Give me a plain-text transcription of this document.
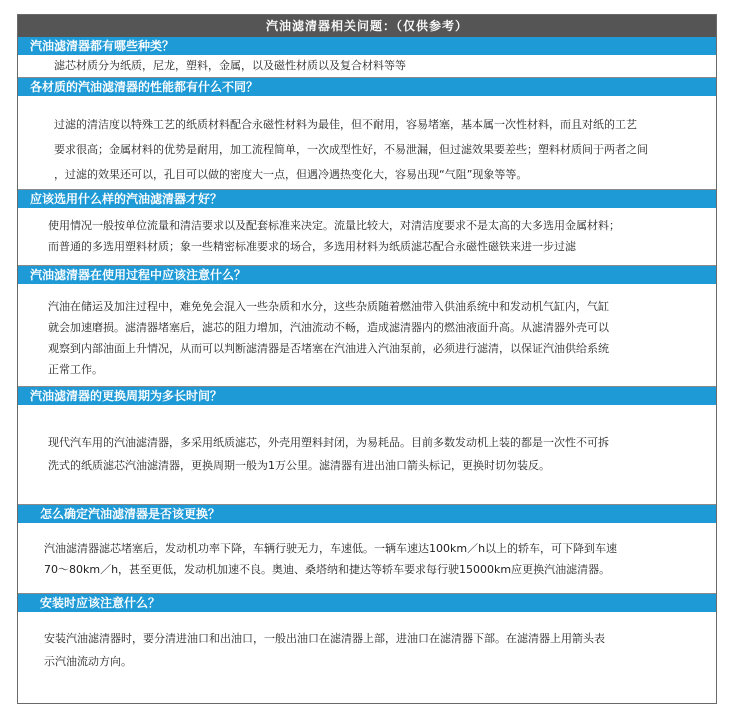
汽油滤清器相关问题：（仅供参考）
汽油滤清器都有哪些种类？

滤芯材质分为纸质，尼龙，塑料，金属，以及磁性材质以及复合材料等等

各材质的汽油滤清器的性能都有什么不同？

过滤的清洁度以特殊工艺的纸质材料配合永磁性材料为最佳，但不耐用，容易堵塞，基本属一次性材料，而且对纸的工艺

要求很高；金属材料的优势是耐用，加工流程简单，一次成型性好，不易泄漏，但过滤效果要差些；塑料材质间于两者之间

，过滤的效果还可以，孔目可以做的密度大一点，但遇冷遇热变化大，容易出现“气阻”现象等等。

应该选用什么样的汽油滤清器才好？

使用情况一般按单位流量和清洁要求以及配套标准来决定。流量比较大，对清洁度要求不是太高的大多选用金属材料；

而普通的多选用塑料材质；象一些精密标准要求的场合，多选用材料为纸质滤芯配合永磁性磁铁来进一步过滤

汽油滤清器在使用过程中应该注意什么？

汽油在储运及加注过程中，难免免会混入一些杂质和水分，这些杂质随着燃油带入供油系统中和发动机气缸内，气缸

就会加速磨损。滤清器堵塞后，滤芯的阻力增加，汽油流动不畅，造成滤清器内的燃油液面升高。从滤清器外壳可以

观察到内部油面上升情况，从而可以判断滤清器是否堵塞在汽油进入汽油泵前，必须进行滤清，以保证汽油供给系统

正常工作。

汽油滤清器的更换周期为多长时间？

现代汽车用的汽油滤清器，多采用纸质滤芯，外壳用塑料封闭，为易耗品。目前多数发动机上装的都是一次性不可拆

洗式的纸质滤芯汽油滤清器，更换周期一般为1万公里。滤清器有进出油口箭头标记，更换时切勿装反。

怎么确定汽油滤清器是否该更换？

汽油滤清器滤芯堵塞后，发动机功率下降，车辆行驶无力，车速低。一辆车速达100km／h以上的轿车，可下降到车速

70～80km／h，甚至更低，发动机加速不良。奥迪、桑塔纳和捷达等轿车要求每行驶15000km应更换汽油滤清器。

安装时应该注意什么？

安装汽油滤清器时，要分清进油口和出油口，一般出油口在滤清器上部，进油口在滤清器下部。在滤清器上用箭头表

示汽油流动方向。
